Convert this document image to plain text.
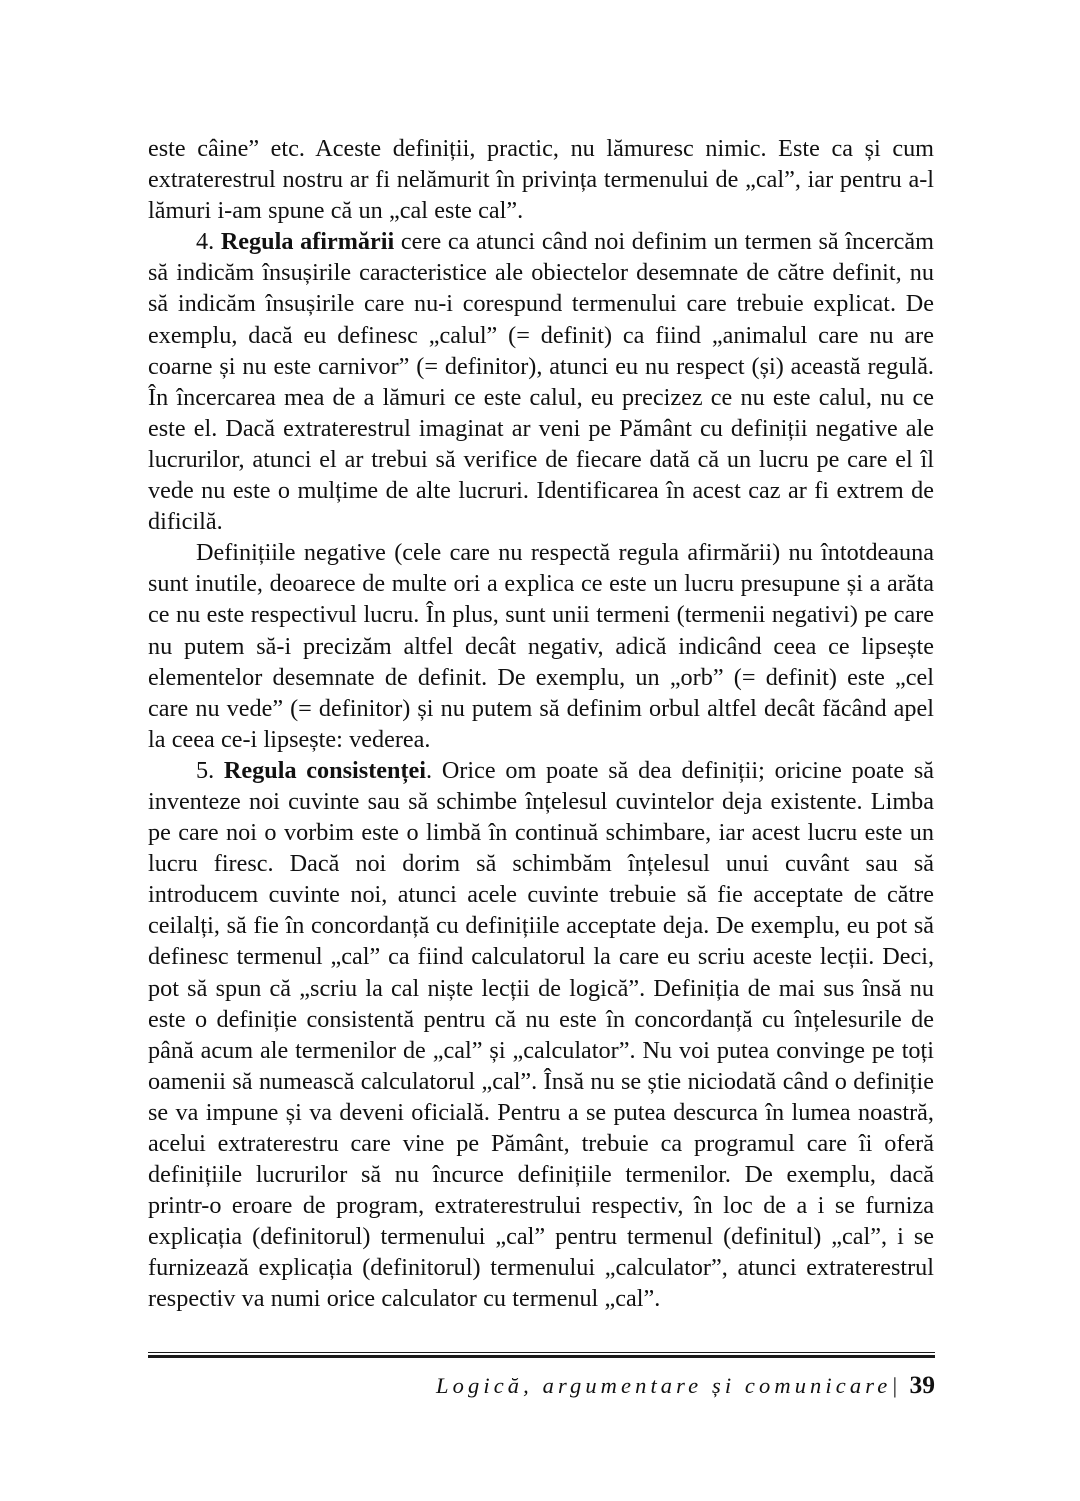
este câine” etc. Aceste definiții, practic, nu lămuresc nimic. Este ca și cum extraterestrul nostru ar fi nelămurit în privința termenului de „cal”, iar pentru a-l lămuri i-am spune că un „cal este cal”.

4. Regula afirmării cere ca atunci când noi definim un termen să încercăm să indicăm însușirile caracteristice ale obiectelor desemnate de către definit, nu să indicăm însușirile care nu-i corespund termenului care trebuie explicat. De exemplu, dacă eu definesc „calul” (= definit) ca fiind „animalul care nu are coarne și nu este carnivor” (= definitor), atunci eu nu respect (și) această regulă. În încercarea mea de a lămuri ce este calul, eu precizez ce nu este calul, nu ce este el. Dacă extraterestrul imaginat ar veni pe Pământ cu definiții negative ale lucrurilor, atunci el ar trebui să verifice de fiecare dată că un lucru pe care el îl vede nu este o mulțime de alte lucruri. Identificarea în acest caz ar fi extrem de dificilă.

Definițiile negative (cele care nu respectă regula afirmării) nu întotdeauna sunt inutile, deoarece de multe ori a explica ce este un lucru presupune și a arăta ce nu este respectivul lucru. În plus, sunt unii termeni (termenii negativi) pe care nu putem să-i precizăm altfel decât negativ, adică indicând ceea ce lipsește elementelor desemnate de definit. De exemplu, un „orb” (= definit) este „cel care nu vede” (= definitor) și nu putem să definim orbul altfel decât făcând apel la ceea ce-i lipsește: vederea.

5. Regula consistenței. Orice om poate să dea definiții; oricine poate să inventeze noi cuvinte sau să schimbe înțelesul cuvintelor deja existente. Limba pe care noi o vorbim este o limbă în continuă schimbare, iar acest lucru este un lucru firesc. Dacă noi dorim să schimbăm înțelesul unui cuvânt sau să introducem cuvinte noi, atunci acele cuvinte trebuie să fie acceptate de către ceilalți, să fie în concordanță cu definițiile acceptate deja. De exemplu, eu pot să definesc termenul „cal” ca fiind calculatorul la care eu scriu aceste lecții. Deci, pot să spun că „scriu la cal niște lecții de logică”. Definiția de mai sus însă nu este o definiție consistentă pentru că nu este în concordanță cu înțelesurile de până acum ale termenilor de „cal” și „calculator”. Nu voi putea convinge pe toți oamenii să numească calculatorul „cal”. Însă nu se știe niciodată când o definiție se va impune și va deveni oficială. Pentru a se putea descurca în lumea noastră, acelui extraterestru care vine pe Pământ, trebuie ca programul care îi oferă definițiile lucrurilor să nu încurce definițiile termenilor. De exemplu, dacă printr-o eroare de program, extraterestrului respectiv, în loc de a i se furniza explicația (definitorul) termenului „cal” pentru termenul (definitul) „cal”, i se furnizează explicația (definitorul) termenului „calculator”, atunci extraterestrul respectiv va numi orice calculator cu termenul „cal”.

Logică, argumentare și comunicare| 39
